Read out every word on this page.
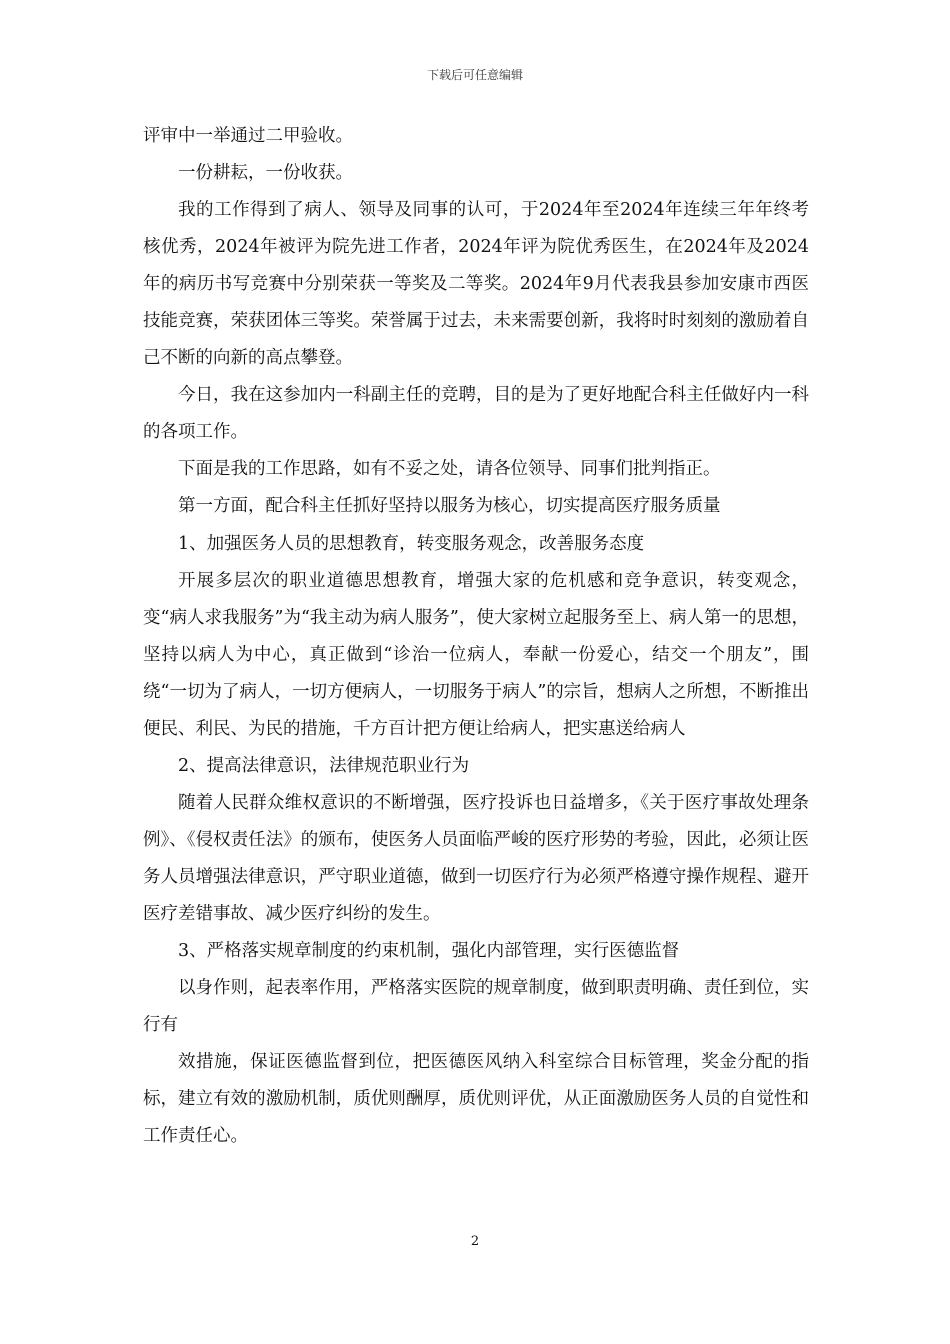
下载后可任意编辑

评审中一举通过二甲验收。

一份耕耘，一份收获。

我的工作得到了病人、领导及同事的认可，于2024年至2024年连续三年年终考核优秀，2024年被评为院先进工作者，2024年评为院优秀医生，在2024年及2024年的病历书写竞赛中分别荣获一等奖及二等奖。2024年9月代表我县参加安康市西医技能竞赛，荣获团体三等奖。荣誉属于过去，未来需要创新，我将时时刻刻的激励着自己不断的向新的高点攀登。

今日，我在这参加内一科副主任的竞聘，目的是为了更好地配合科主任做好内一科的各项工作。

下面是我的工作思路，如有不妥之处，请各位领导、同事们批判指正。

第一方面，配合科主任抓好坚持以服务为核心，切实提高医疗服务质量

1、加强医务人员的思想教育，转变服务观念，改善服务态度

开展多层次的职业道德思想教育，增强大家的危机感和竞争意识，转变观念，变“病人求我服务”为“我主动为病人服务”，使大家树立起服务至上、病人第一的思想，坚持以病人为中心，真正做到“诊治一位病人，奉献一份爱心，结交一个朋友”，围绕“一切为了病人，一切方便病人，一切服务于病人”的宗旨，想病人之所想，不断推出便民、利民、为民的措施，千方百计把方便让给病人，把实惠送给病人

2、提高法律意识，法律规范职业行为

随着人民群众维权意识的不断增强，医疗投诉也日益增多，《关于医疗事故处理条例》、《侵权责任法》的颁布，使医务人员面临严峻的医疗形势的考验，因此，必须让医务人员增强法律意识，严守职业道德，做到一切医疗行为必须严格遵守操作规程、避开医疗差错事故、减少医疗纠纷的发生。

3、严格落实规章制度的约束机制，强化内部管理，实行医德监督

以身作则，起表率作用，严格落实医院的规章制度，做到职责明确、责任到位，实行有

效措施，保证医德监督到位，把医德医风纳入科室综合目标管理，奖金分配的指标，建立有效的激励机制，质优则酬厚，质优则评优，从正面激励医务人员的自觉性和工作责任心。

2
